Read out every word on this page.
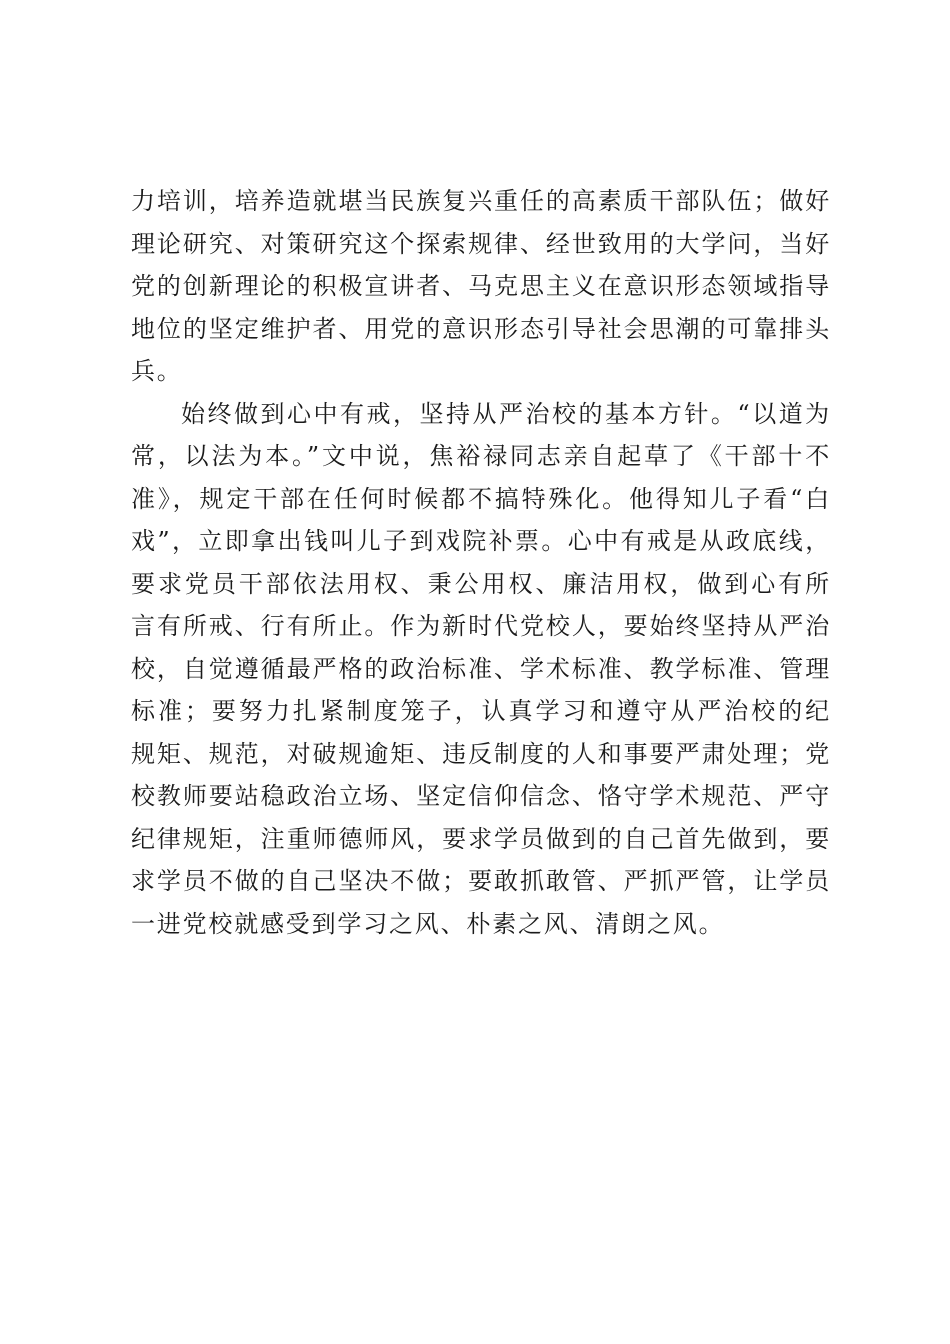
力培训，培养造就堪当民族复兴重任的高素质干部队伍；做好
理论研究、对策研究这个探索规律、经世致用的大学问，当好
党的创新理论的积极宣讲者、马克思主义在意识形态领域指导
地位的坚定维护者、用党的意识形态引导社会思潮的可靠排头
兵。
始终做到心中有戒，坚持从严治校的基本方针。“以道为
常，以法为本。”文中说，焦裕禄同志亲自起草了《干部十不
准》，规定干部在任何时候都不搞特殊化。他得知儿子看“白
戏”，立即拿出钱叫儿子到戏院补票。心中有戒是从政底线，
要求党员干部依法用权、秉公用权、廉洁用权，做到心有所
言有所戒、行有所止。作为新时代党校人，要始终坚持从严治
校，自觉遵循最严格的政治标准、学术标准、教学标准、管理
标准；要努力扎紧制度笼子，认真学习和遵守从严治校的纪
规矩、规范，对破规逾矩、违反制度的人和事要严肃处理；党
校教师要站稳政治立场、坚定信仰信念、恪守学术规范、严守
纪律规矩，注重师德师风，要求学员做到的自己首先做到，要
求学员不做的自己坚决不做；要敢抓敢管、严抓严管，让学员
一进党校就感受到学习之风、朴素之风、清朗之风。
